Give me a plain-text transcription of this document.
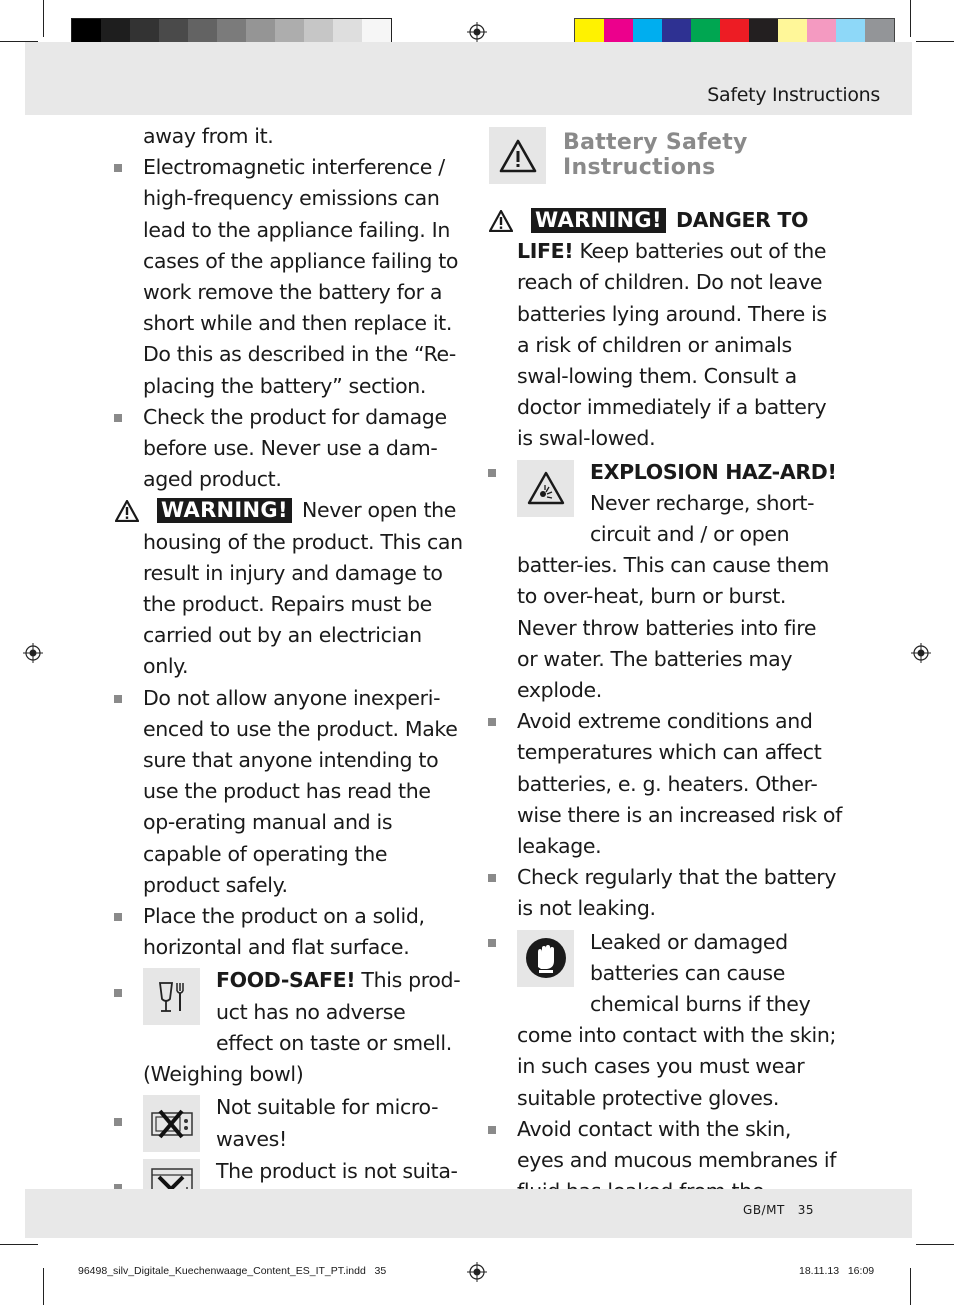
Safety Instructions
away from it.
Electromagnetic interference / high-frequency emissions can lead to the appliance failing. In cases of the appliance failing to work remove the battery for a short while and then replace it. Do this as described in the “Re-placing the battery” section.
Check the product for damage before use. Never use a dam-aged product.
WARNING! Never open the housing of the product. This can result in injury and damage to the product. Repairs must be carried out by an electrician only.
Do not allow anyone inexperi-enced to use the product. Make sure that anyone intending to use the product has read the op-erating manual and is capable of operating the product safely.
Place the product on a solid, horizontal and flat surface.
FOOD-SAFE! This prod-uct has no adverse effect on taste or smell. (Weighing bowl)
Not suitable for micro-waves!
The product is not suita-
Battery Safety Instructions
WARNING! DANGER TO LIFE! Keep batteries out of the reach of children. Do not leave batteries lying around. There is a risk of children or animals swal-lowing them. Consult a doctor immediately if a battery is swal-lowed.
EXPLOSION HAZ-ARD! Never recharge, short-circuit and / or open batter-ies. This can cause them to over-heat, burn or burst. Never throw batteries into fire or water. The batteries may explode.
Avoid extreme conditions and temperatures which can affect batteries, e. g. heaters. Other-wise there is an increased risk of leakage.
Check regularly that the battery is not leaking.
Leaked or damaged batteries can cause chemical burns if they come into contact with the skin; in such cases you must wear suitable protective gloves.
Avoid contact with the skin, eyes and mucous membranes if
GB/MT   35
96498_silv_Digitale_Kuechenwaage_Content_ES_IT_PT.indd   35	18.11.13   16:09
